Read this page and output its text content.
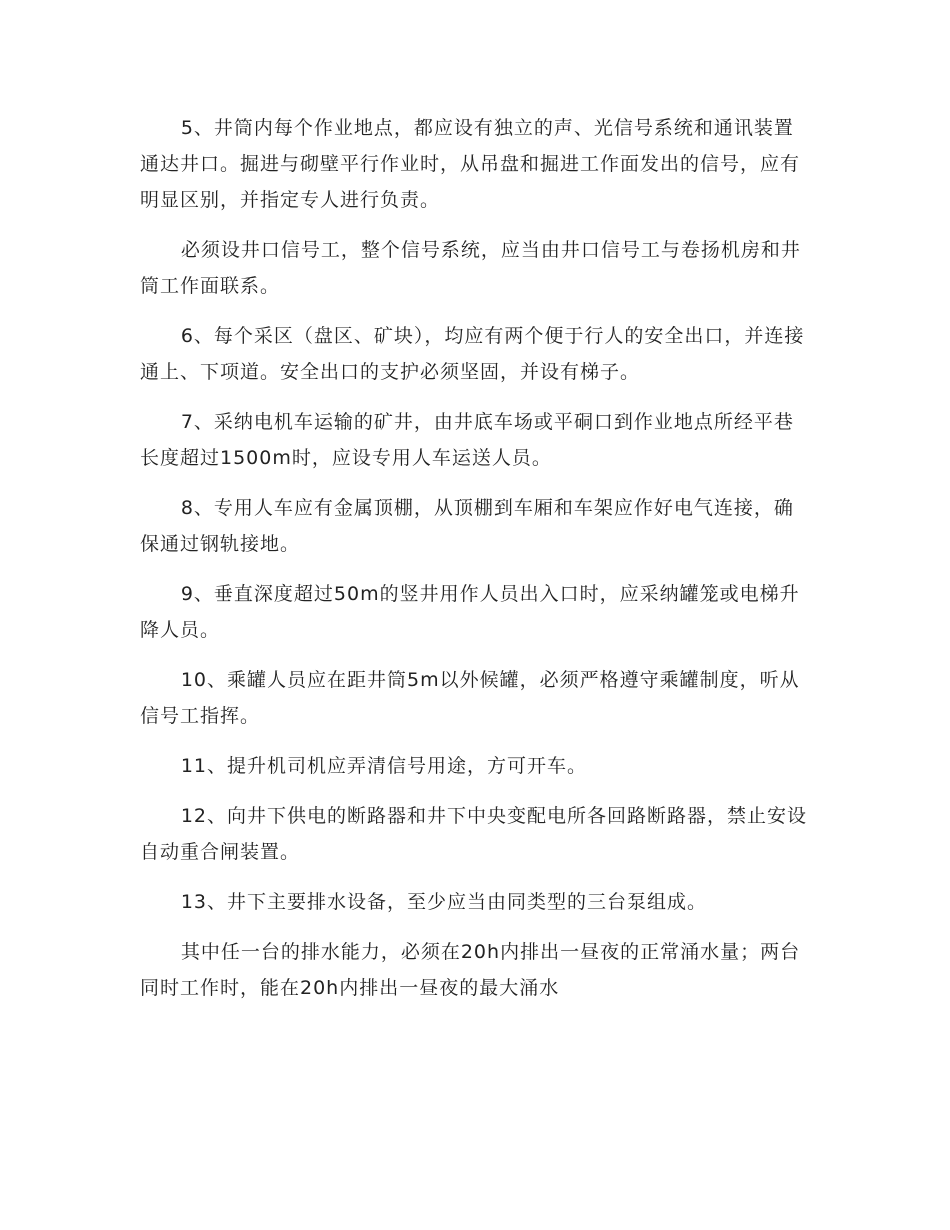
5、井筒内每个作业地点，都应设有独立的声、光信号系统和通讯装置通达井口。掘进与砌壁平行作业时，从吊盘和掘进工作面发出的信号，应有明显区别，并指定专人进行负责。

必须设井口信号工，整个信号系统，应当由井口信号工与卷扬机房和井筒工作面联系。

6、每个采区（盘区、矿块），均应有两个便于行人的安全出口，并连接通上、下项道。安全出口的支护必须坚固，并设有梯子。

7、采纳电机车运输的矿井，由井底车场或平硐口到作业地点所经平巷长度超过1500m时，应设专用人车运送人员。

8、专用人车应有金属顶棚，从顶棚到车厢和车架应作好电气连接，确保通过钢轨接地。

9、垂直深度超过50m的竖井用作人员出入口时，应采纳罐笼或电梯升降人员。

10、乘罐人员应在距井筒5m以外候罐，必须严格遵守乘罐制度，听从信号工指挥。

11、提升机司机应弄清信号用途，方可开车。

12、向井下供电的断路器和井下中央变配电所各回路断路器，禁止安设自动重合闸装置。

13、井下主要排水设备，至少应当由同类型的三台泵组成。

其中任一台的排水能力，必须在20h内排出一昼夜的正常涌水量；两台同时工作时，能在20h内排出一昼夜的最大涌水
